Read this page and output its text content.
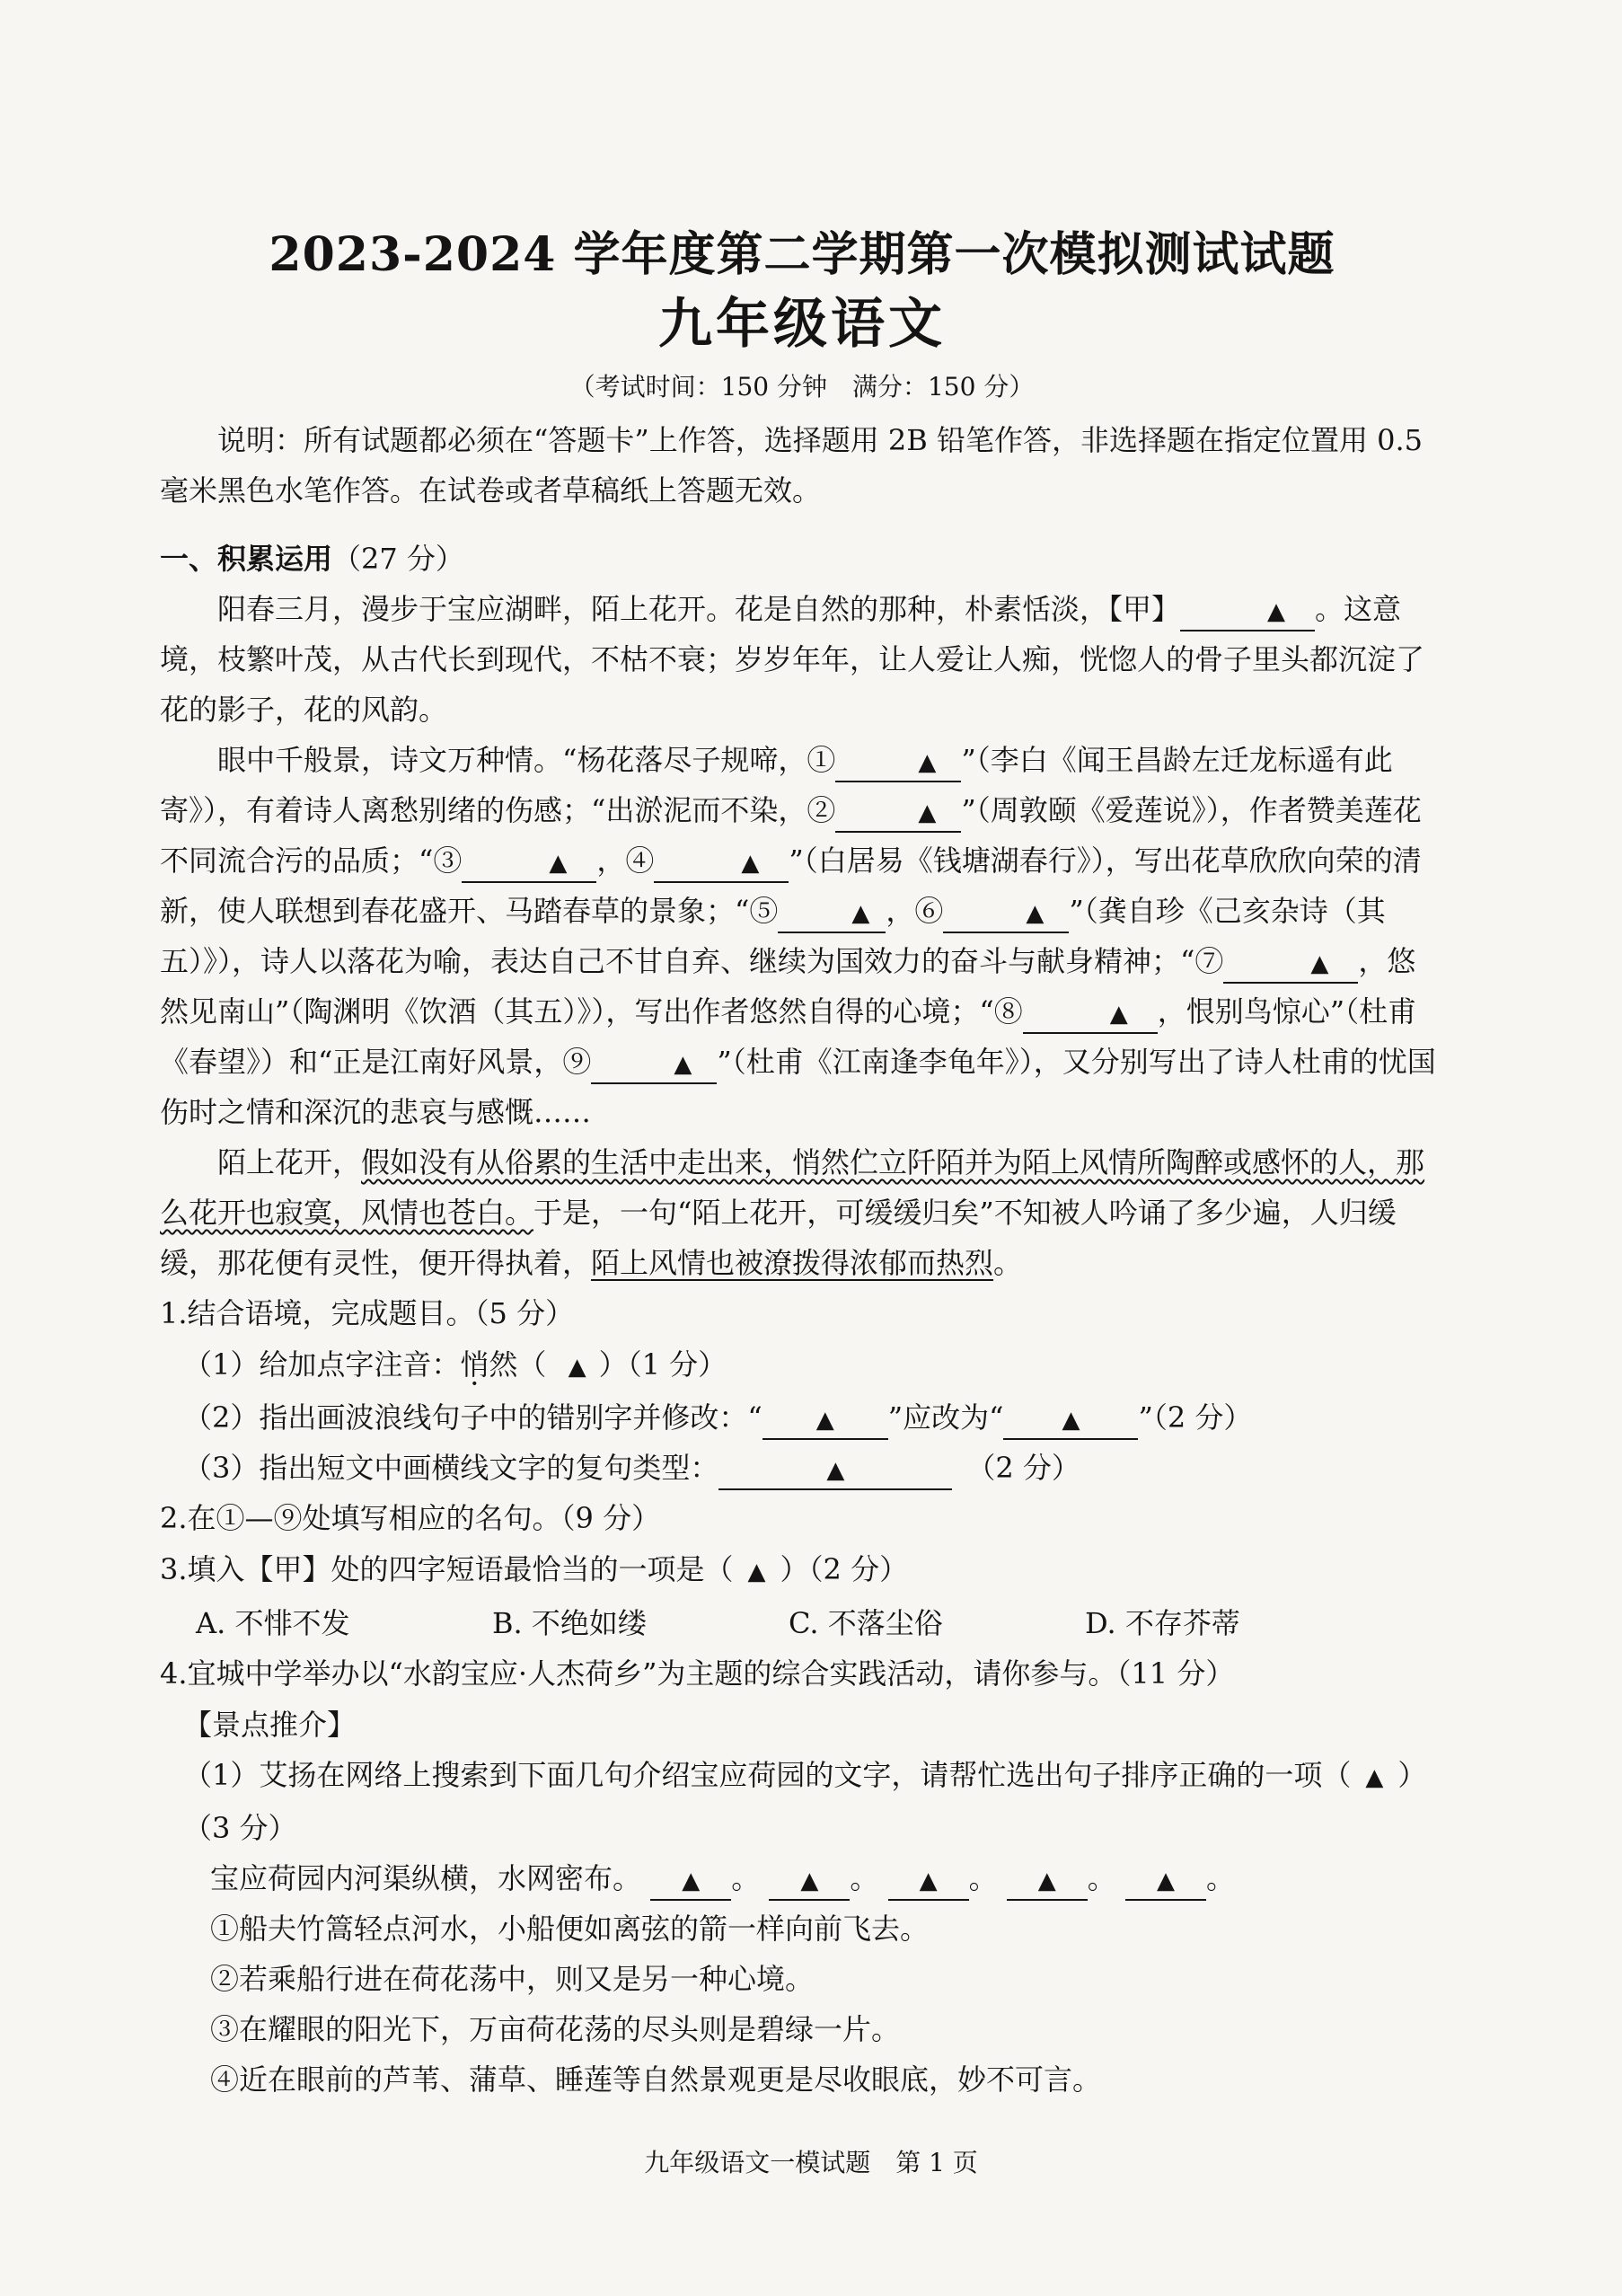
2023-2024 学年度第二学期第一次模拟测试试题
九年级语文
（考试时间：150 分钟　满分：150 分）

说明：所有试题都必须在“答题卡”上作答，选择题用 2B 铅笔作答，非选择题在指定位置用 0.5 毫米黑色水笔作答。在试卷或者草稿纸上答题无效。

一、积累运用（27 分）

阳春三月，漫步于宝应湖畔，陌上花开。花是自然的那种，朴素恬淡，【甲】	▲ 。这意境，枝繁叶茂，从古代长到现代，不枯不衰；岁岁年年，让人爱让人痴，恍惚人的骨子里头都沉淀了花的影子，花的风韵。

眼中千般景，诗文万种情。“杨花落尽子规啼，①	▲ ”（李白《闻王昌龄左迁龙标遥有此寄》），有着诗人离愁别绪的伤感；“出淤泥而不染，②	▲ ”（周敦颐《爱莲说》），作者赞美莲花不同流合污的品质；“③	▲ ，④	▲ ”（白居易《钱塘湖春行》），写出花草欣欣向荣的清新，使人联想到春花盛开、马踏春草的景象；“⑤	▲ ，⑥	▲ ”（龚自珍《己亥杂诗（其五）》），诗人以落花为喻，表达自己不甘自弃、继续为国效力的奋斗与献身精神；“⑦	▲ ，悠然见南山”（陶渊明《饮酒（其五）》），写出作者悠然自得的心境；“⑧	▲ ，恨别鸟惊心”（杜甫《春望》）和“正是江南好风景，⑨	▲ ”（杜甫《江南逢李龟年》），又分别写出了诗人杜甫的忧国伤时之情和深沉的悲哀与感慨……

陌上花开，假如没有从俗累的生活中走出来，悄然伫立阡陌并为陌上风情所陶醉或感怀的人，那么花开也寂寞，风情也苍白。于是，一句“陌上花开，可缓缓归矣”不知被人吟诵了多少遍，人归缓缓，那花便有灵性，便开得执着，陌上风情也被潦拨得浓郁而热烈。

1.结合语境，完成题目。（5 分）

（1）给加点字注音：悄然（ ▲ ）（1 分）

（2）指出画波浪线句子中的错别字并修改：“ ▲ ”应改为“	▲ ”（2 分）

（3）指出短文中画横线文字的复句类型：	▲	（2 分）

2.在①—⑨处填写相应的名句。（9 分）

3.填入【甲】处的四字短语最恰当的一项是（ ▲ ）（2 分）

A. 不悱不发	B. 不绝如缕	C. 不落尘俗	D. 不存芥蒂

4.宜城中学举办以“水韵宝应·人杰荷乡”为主题的综合实践活动，请你参与。（11 分）

【景点推介】

（1）艾扬在网络上搜索到下面几句介绍宝应荷园的文字，请帮忙选出句子排序正确的一项（ ▲ ）（3 分）

宝应荷园内河渠纵横，水网密布。 ▲ 。 ▲ 。 ▲ 。 ▲ 。 ▲ 。

①船夫竹篙轻点河水，小船便如离弦的箭一样向前飞去。

②若乘船行进在荷花荡中，则又是另一种心境。

③在耀眼的阳光下，万亩荷花荡的尽头则是碧绿一片。

④近在眼前的芦苇、蒲草、睡莲等自然景观更是尽收眼底，妙不可言。

九年级语文一模试题　第 1 页
